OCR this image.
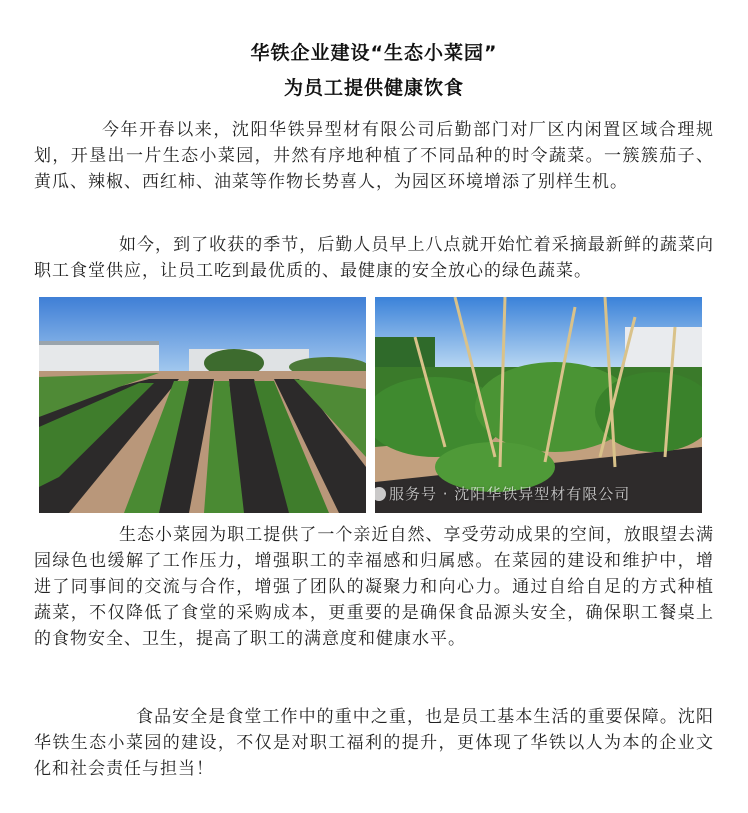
华铁企业建设“生态小菜园”
为员工提供健康饮食

今年开春以来，沈阳华铁异型材有限公司后勤部门对厂区内闲置区域合理规划，开垦出一片生态小菜园，井然有序地种植了不同品种的时令蔬菜。一簇簇茄子、黄瓜、辣椒、西红柿、油菜等作物长势喜人，为园区环境增添了别样生机。

如今，到了收获的季节，后勤人员早上八点就开始忙着采摘最新鲜的蔬菜向职工食堂供应，让员工吃到最优质的、最健康的安全放心的绿色蔬菜。

服务号 · 沈阳华铁异型材有限公司

生态小菜园为职工提供了一个亲近自然、享受劳动成果的空间，放眼望去满园绿色也缓解了工作压力，增强职工的幸福感和归属感。在菜园的建设和维护中，增进了同事间的交流与合作，增强了团队的凝聚力和向心力。通过自给自足的方式种植蔬菜，不仅降低了食堂的采购成本，更重要的是确保食品源头安全，确保职工餐桌上的食物安全、卫生，提高了职工的满意度和健康水平。

食品安全是食堂工作中的重中之重，也是员工基本生活的重要保障。沈阳华铁生态小菜园的建设，不仅是对职工福利的提升，更体现了华铁以人为本的企业文化和社会责任与担当！
